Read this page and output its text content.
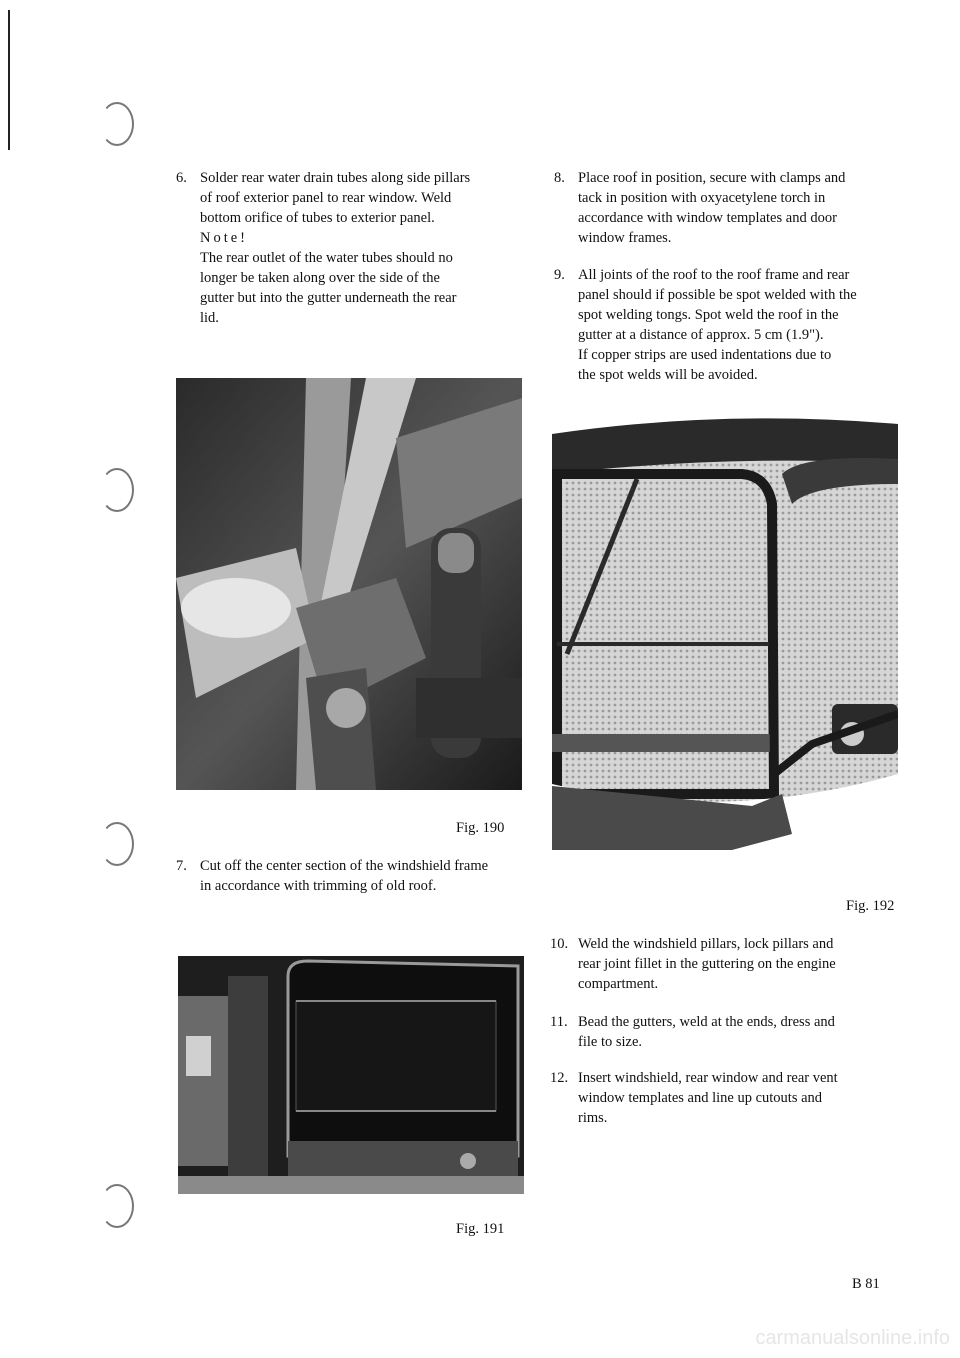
6. Solder rear water drain tubes along side pillars

of roof exterior panel to rear window. Weld

bottom orifice of tubes to exterior panel.

Note!

The rear outlet of the water tubes should no

longer be taken along over the side of the

gutter but into the gutter underneath the rear

lid.

Fig. 190
7. Cut off the center section of the windshield frame

in accordance with trimming of old roof.

Fig. 191
8. Place roof in position, secure with clamps and

tack in position with oxyacetylene torch in

accordance with window templates and door

window frames.

9. All joints of the roof to the roof frame and rear

panel should if possible be spot welded with the

spot welding tongs. Spot weld the roof in the

gutter at a distance of approx. 5 cm (1.9").

If copper strips are used indentations due to

the spot welds will be avoided.

Fig. 192
10. Weld the windshield pillars, lock pillars and

rear joint fillet in the guttering on the engine

compartment.

11. Bead the gutters, weld at the ends, dress and

file to size.

12. Insert windshield, rear window and rear vent

window templates and line up cutouts and

rims.

B 81
carmanualsonline.info
